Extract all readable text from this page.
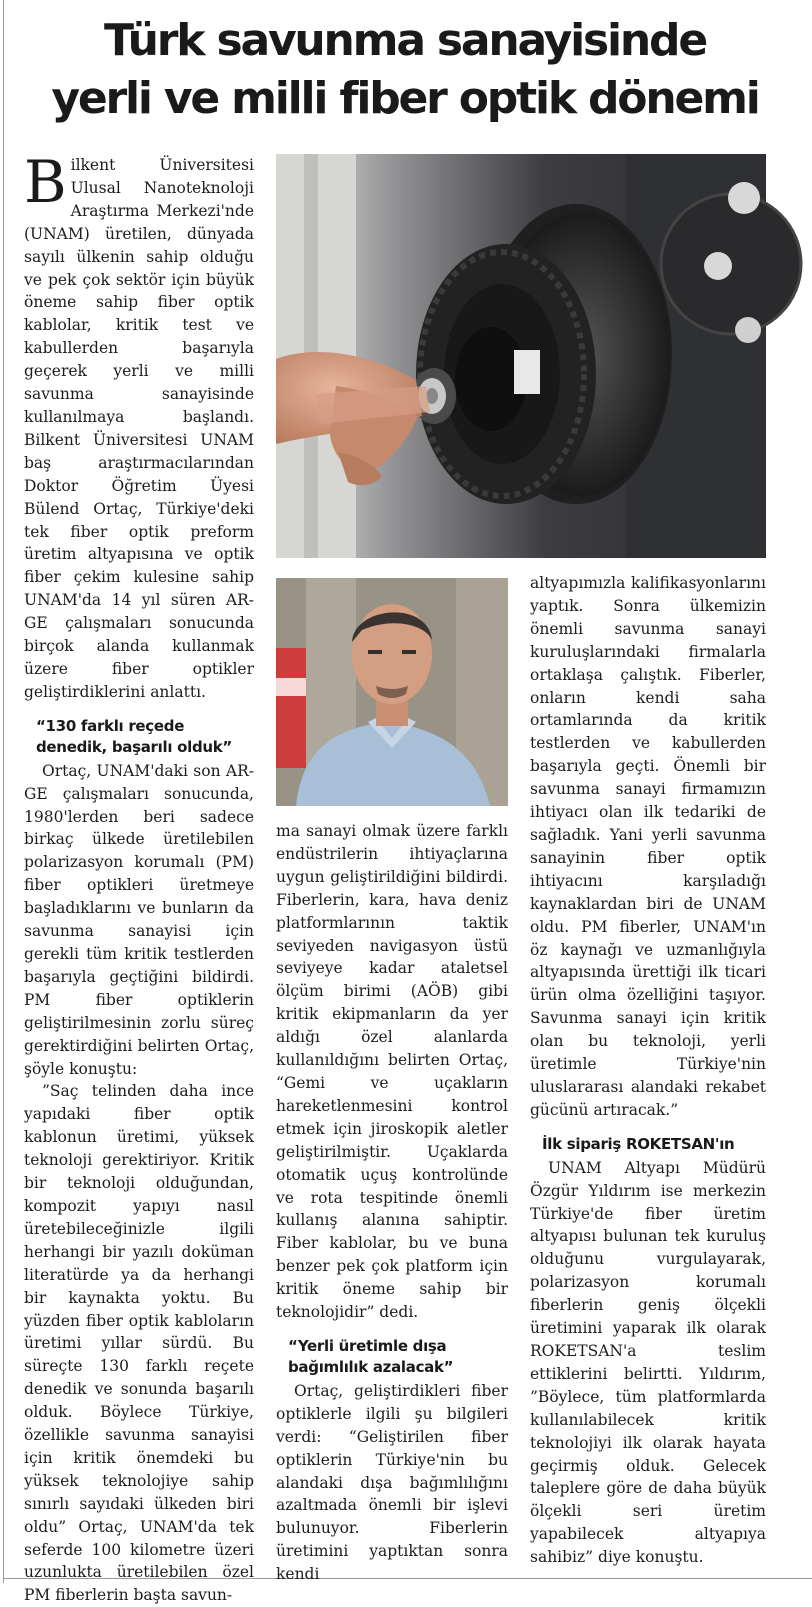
Türk savunma sanayisinde
yerli ve milli fiber optik dönemi

Bilkent Üniversitesi Ulusal Nanoteknoloji Araştırma Merkezi'nde (UNAM) üretilen, dünyada sayılı ülkenin sahip olduğu ve pek çok sektör için büyük öneme sahip fiber optik kablolar, kritik test ve kabullerden başarıyla geçerek yerli ve milli savunma sanayisinde kullanılmaya başlandı. Bilkent Üniversitesi UNAM baş araştırmacılarından Doktor Öğretim Üyesi Bülend Ortaç, Türkiye'deki tek fiber optik preform üretim altyapısına ve optik fiber çekim kulesine sahip UNAM'da 14 yıl süren AR-GE çalışmaları sonucunda birçok alanda kullanmak üzere fiber optikler geliştirdiklerini anlattı.

“130 farklı reçede
denedik, başarılı olduk”

Ortaç, UNAM'daki son AR-GE çalışmaları sonucunda, 1980'lerden beri sadece birkaç ülkede üretilebilen polarizasyon korumalı (PM) fiber optikleri üretmeye başladıklarını ve bunların da savunma sanayisi için gerekli tüm kritik testlerden başarıyla geçtiğini bildirdi. PM fiber optiklerin geliştirilmesinin zorlu süreç gerektirdiğini belirten Ortaç, şöyle konuştu:

”Saç telinden daha ince yapıdaki fiber optik kablonun üretimi, yüksek teknoloji gerektiriyor. Kritik bir teknoloji olduğundan, kompozit yapıyı nasıl üretebileceğinizle ilgili herhangi bir yazılı doküman literatürde ya da herhangi bir kaynakta yoktu. Bu yüzden fiber optik kabloların üretimi yıllar sürdü. Bu süreçte 130 farklı reçete denedik ve sonunda başarılı olduk. Böylece Türkiye, özellikle savunma sanayisi için kritik önemdeki bu yüksek teknolojiye sahip sınırlı sayıdaki ülkeden biri oldu” Ortaç, UNAM'da tek seferde 100 kilometre üzeri uzunlukta üretilebilen özel PM fiberlerin başta savun-

ma sanayi olmak üzere farklı endüstrilerin ihtiyaçlarına uygun geliştirildiğini bildirdi. Fiberlerin, kara, hava deniz platformlarının taktik seviyeden navigasyon üstü seviyeye kadar ataletsel ölçüm birimi (AÖB) gibi kritik ekipmanların da yer aldığı özel alanlarda kullanıldığını belirten Ortaç, “Gemi ve uçakların hareketlenmesini kontrol etmek için jiroskopik aletler geliştirilmiştir. Uçaklarda otomatik uçuş kontrolünde ve rota tespitinde önemli kullanış alanına sahiptir. Fiber kablolar, bu ve buna benzer pek çok platform için kritik öneme sahip bir teknolojidir” dedi.

“Yerli üretimle dışa
bağımlılık azalacak”

Ortaç, geliştirdikleri fiber optiklerle ilgili şu bilgileri verdi: “Geliştirilen fiber optiklerin Türkiye'nin bu alandaki dışa bağımlılığını azaltmada önemli bir işlevi bulunuyor. Fiberlerin üretimini yaptıktan sonra kendi

altyapımızla kalifikasyonlarını yaptık. Sonra ülkemizin önemli savunma sanayi kuruluşlarındaki firmalarla ortaklaşa çalıştık. Fiberler, onların kendi saha ortamlarında da kritik testlerden ve kabullerden başarıyla geçti. Önemli bir savunma sanayi firmamızın ihtiyacı olan ilk tedariki de sağladık. Yani yerli savunma sanayinin fiber optik ihtiyacını karşıladığı kaynaklardan biri de UNAM oldu. PM fiberler, UNAM'ın öz kaynağı ve uzmanlığıyla altyapısında ürettiği ilk ticari ürün olma özelliğini taşıyor. Savunma sanayi için kritik olan bu teknoloji, yerli üretimle Türkiye'nin uluslararası alandaki rekabet gücünü artıracak.”

İlk sipariş ROKETSAN'ın

UNAM Altyapı Müdürü Özgür Yıldırım ise merkezin Türkiye'de fiber üretim altyapısı bulunan tek kuruluş olduğunu vurgulayarak, polarizasyon korumalı fiberlerin geniş ölçekli üretimini yaparak ilk olarak ROKETSAN'a teslim ettiklerini belirtti. Yıldırım, ”Böylece, tüm platformlarda kullanılabilecek kritik teknolojiyi ilk olarak hayata geçirmiş olduk. Gelecek taleplere göre de daha büyük ölçekli seri üretim yapabilecek altyapıya sahibiz” diye konuştu.
